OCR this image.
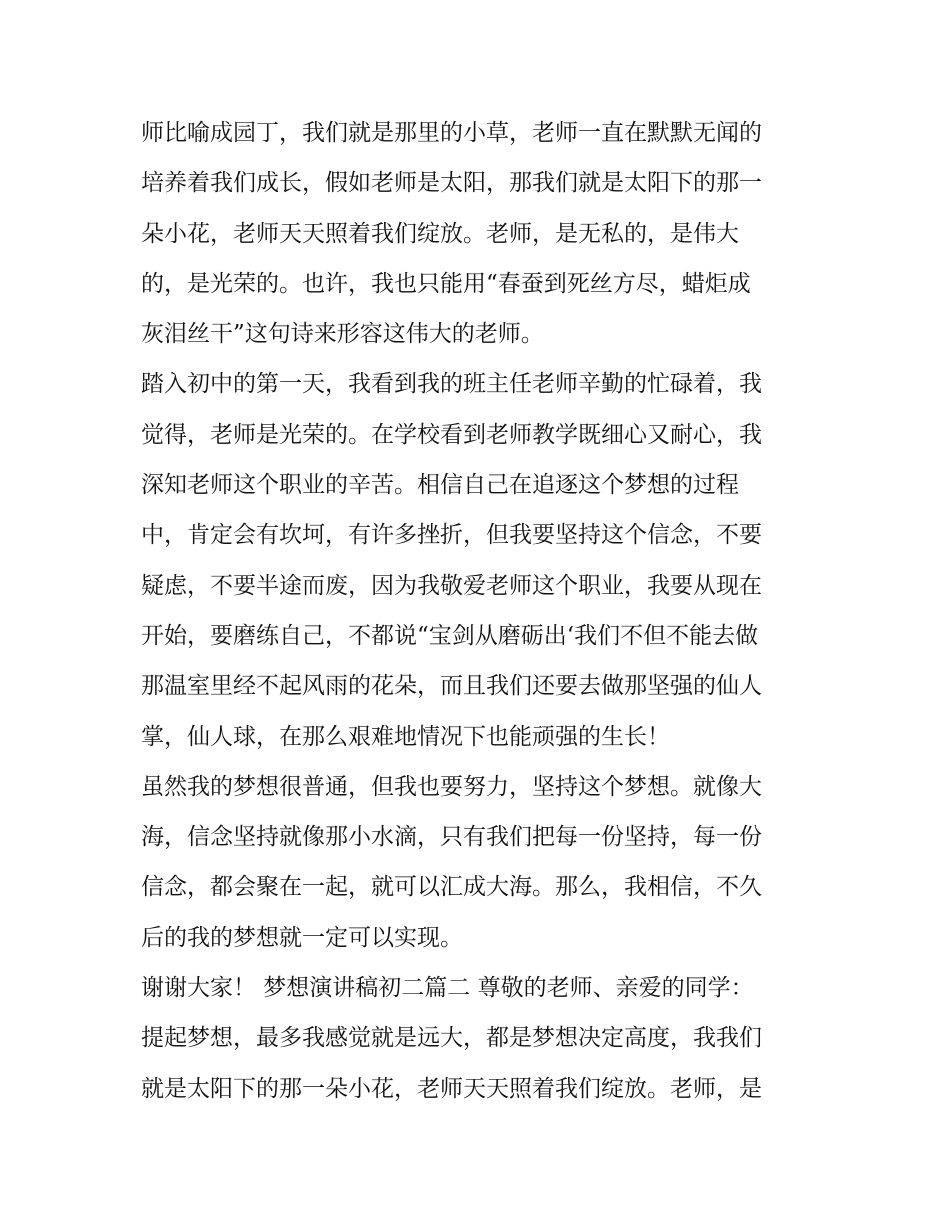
师比喻成园丁，我们就是那里的小草，老师一直在默默无闻的
培养着我们成长，假如老师是太阳，那我们就是太阳下的那一
朵小花，老师天天照着我们绽放。老师，是无私的，是伟大
的，是光荣的。也许，我也只能用“春蚕到死丝方尽，蜡炬成
灰泪丝干”这句诗来形容这伟大的老师。
踏入初中的第一天，我看到我的班主任老师辛勤的忙碌着，我
觉得，老师是光荣的。在学校看到老师教学既细心又耐心，我
深知老师这个职业的辛苦。相信自己在追逐这个梦想的过程
中，肯定会有坎坷，有许多挫折，但我要坚持这个信念，不要
疑虑，不要半途而废，因为我敬爱老师这个职业，我要从现在
开始，要磨练自己，不都说“宝剑从磨砺出‘我们不但不能去做
那温室里经不起风雨的花朵，而且我们还要去做那坚强的仙人
掌，仙人球，在那么艰难地情况下也能顽强的生长！
虽然我的梦想很普通，但我也要努力，坚持这个梦想。就像大
海，信念坚持就像那小水滴，只有我们把每一份坚持，每一份
信念，都会聚在一起，就可以汇成大海。那么，我相信，不久
后的我的梦想就一定可以实现。
谢谢大家！ 梦想演讲稿初二篇二 尊敬的老师、亲爱的同学：
提起梦想，最多我感觉就是远大，都是梦想决定高度，我我们
就是太阳下的那一朵小花，老师天天照着我们绽放。老师，是
